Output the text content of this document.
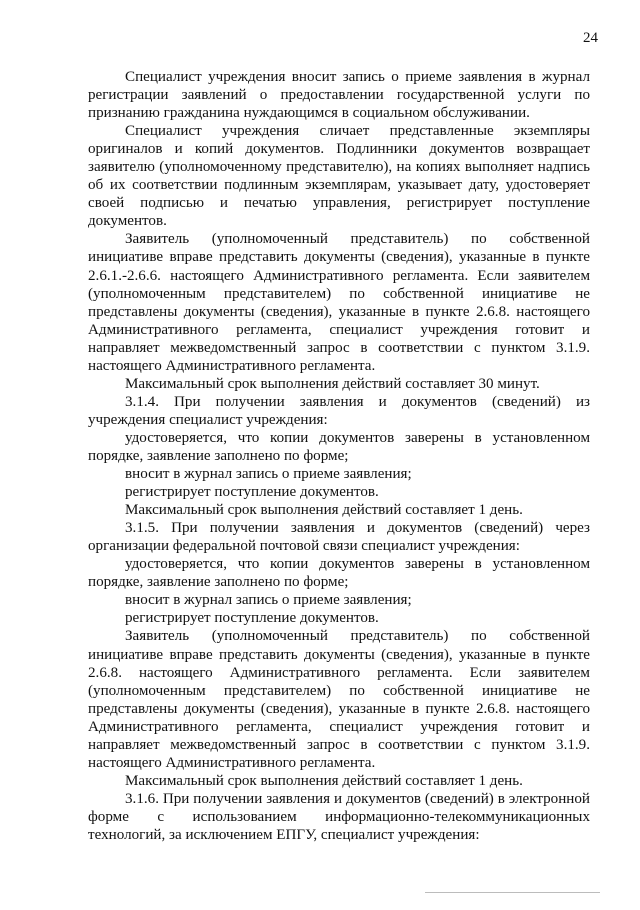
24

Специалист учреждения вносит запись о приеме заявления в журнал регистрации заявлений о предоставлении государственной услуги по признанию гражданина нуждающимся в социальном обслуживании.

Специалист учреждения сличает представленные экземпляры оригиналов и копий документов. Подлинники документов возвращает заявителю (уполномоченному представителю), на копиях выполняет надпись об их соответствии подлинным экземплярам, указывает дату, удостоверяет своей подписью и печатью управления, регистрирует поступление документов.

Заявитель (уполномоченный представитель) по собственной инициативе вправе представить документы (сведения), указанные в пункте 2.6.1.-2.6.6. настоящего Административного регламента. Если заявителем (уполномоченным представителем) по собственной инициативе не представлены документы (сведения), указанные в пункте 2.6.8. настоящего Административного регламента, специалист учреждения готовит и направляет межведомственный запрос в соответствии с пунктом 3.1.9. настоящего Административного регламента.

Максимальный срок выполнения действий составляет 30 минут.

3.1.4. При получении заявления и документов (сведений) из учреждения специалист учреждения:

удостоверяется, что копии документов заверены в установленном порядке, заявление заполнено по форме;

вносит в журнал запись о приеме заявления;

регистрирует поступление документов.

Максимальный срок выполнения действий составляет 1 день.

3.1.5. При получении заявления и документов (сведений) через организации федеральной почтовой связи специалист учреждения:

удостоверяется, что копии документов заверены в установленном порядке, заявление заполнено по форме;

вносит в журнал запись о приеме заявления;

регистрирует поступление документов.

Заявитель (уполномоченный представитель) по собственной инициативе вправе представить документы (сведения), указанные в пункте 2.6.8. настоящего Административного регламента. Если заявителем (уполномоченным представителем) по собственной инициативе не представлены документы (сведения), указанные в пункте 2.6.8. настоящего Административного регламента, специалист учреждения готовит и направляет межведомственный запрос в соответствии с пунктом 3.1.9. настоящего Административного регламента.

Максимальный срок выполнения действий составляет 1 день.

3.1.6. При получении заявления и документов (сведений) в электронной форме с использованием информационно-телекоммуникационных технологий, за исключением ЕПГУ, специалист учреждения:
